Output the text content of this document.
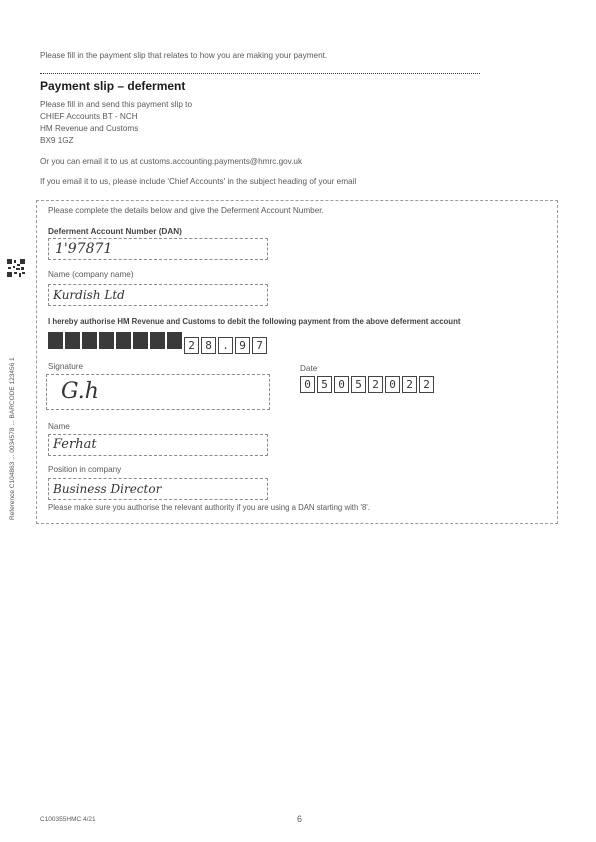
Please fill in the payment slip that relates to how you are making your payment.
Payment slip – deferment
Please fill in and send this payment slip to
CHIEF Accounts BT - NCH
HM Revenue and Customs
BX9 1GZ
Or you can email it to us at customs.accounting.payments@hmrc.gov.uk
If you email it to us, please include 'Chief Accounts' in the subject heading of your email
Please complete the details below and give the Deferment Account Number.
Deferment Account Number (DAN)
1'97871
Name (company name)
Kurdish Ltd
I hereby authorise HM Revenue and Customs to debit the following payment from the above deferment account
2 8 . 9 7
Signature
G.h
Date
0 5 0 5 2 0 2 2
Name
Ferhat
Position in company
Business Director
Please make sure you authorise the relevant authority if you are using a DAN starting with '8'.
Reference C104863 ... 0034578 ... BARCODE 123456 1
C100355HMC 4/21	6
